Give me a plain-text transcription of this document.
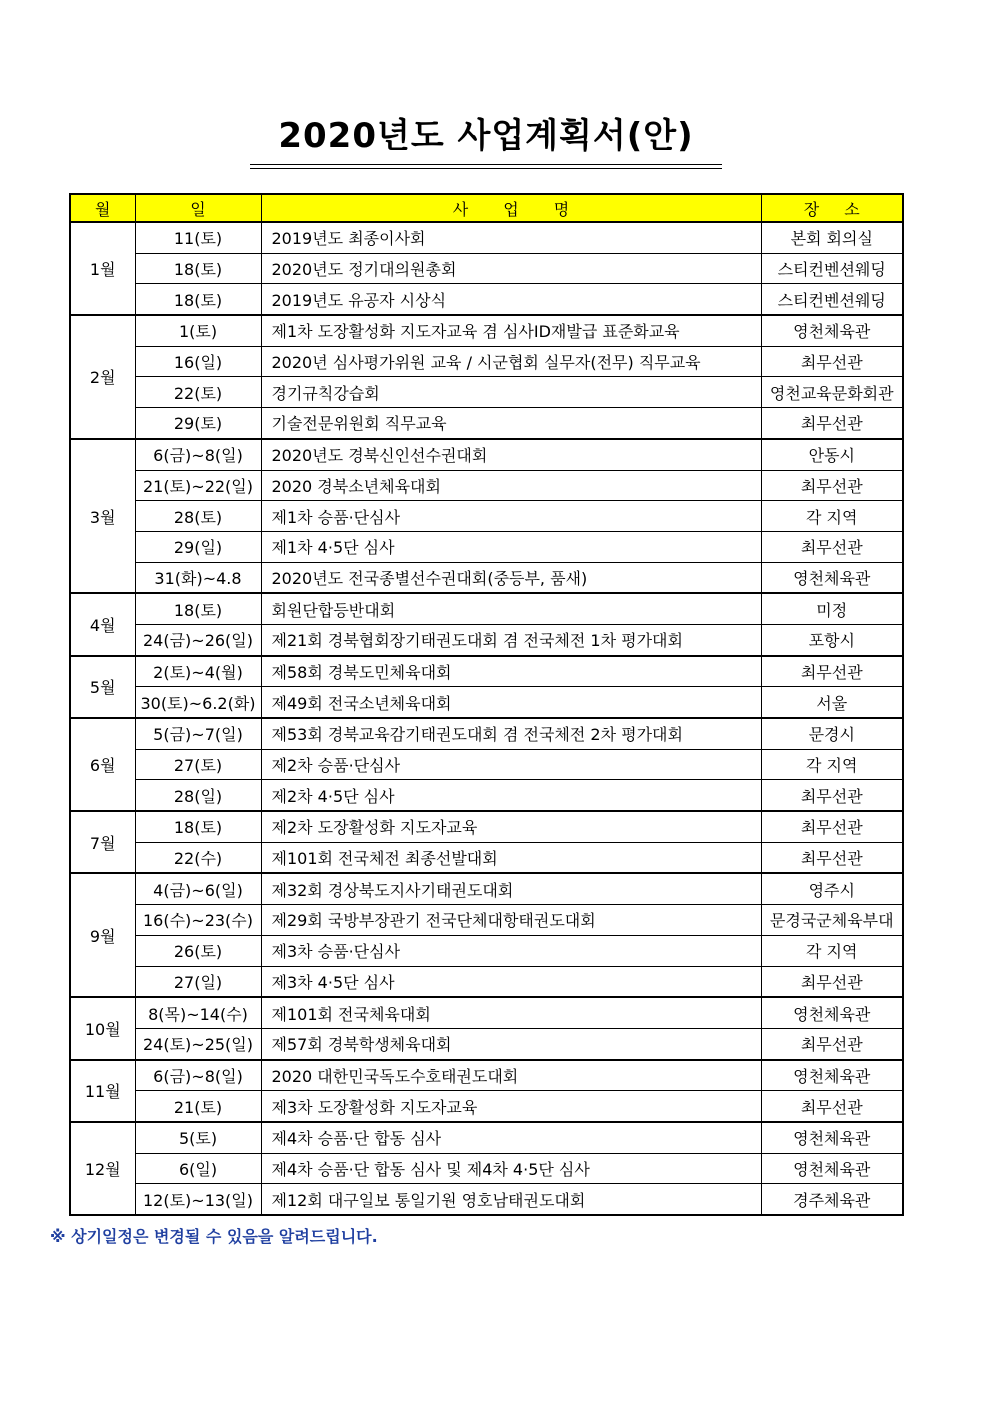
2020년도 사업계획서(안)
월	일	사 업 명	장 소
1월	11(토)	2019년도 최종이사회	본회 회의실
	18(토)	2020년도 정기대의원총회	스티컨벤션웨딩
	18(토)	2019년도 유공자 시상식	스티컨벤션웨딩
2월	1(토)	제1차 도장활성화 지도자교육 겸 심사ID재발급 표준화교육	영천체육관
	16(일)	2020년 심사평가위원 교육 / 시군협회 실무자(전무) 직무교육	최무선관
	22(토)	경기규칙강습회	영천교육문화회관
	29(토)	기술전문위원회 직무교육	최무선관
3월	6(금)~8(일)	2020년도 경북신인선수권대회	안동시
	21(토)~22(일)	2020 경북소년체육대회	최무선관
	28(토)	제1차 승품·단심사	각 지역
	29(일)	제1차 4·5단 심사	최무선관
	31(화)~4.8	2020년도 전국종별선수권대회(중등부, 품새)	영천체육관
4월	18(토)	회원단합등반대회	미정
	24(금)~26(일)	제21회 경북협회장기태권도대회 겸 전국체전 1차 평가대회	포항시
5월	2(토)~4(월)	제58회 경북도민체육대회	최무선관
	30(토)~6.2(화)	제49회 전국소년체육대회	서울
6월	5(금)~7(일)	제53회 경북교육감기태권도대회 겸 전국체전 2차 평가대회	문경시
	27(토)	제2차 승품·단심사	각 지역
	28(일)	제2차 4·5단 심사	최무선관
7월	18(토)	제2차 도장활성화 지도자교육	최무선관
	22(수)	제101회 전국체전 최종선발대회	최무선관
9월	4(금)~6(일)	제32회 경상북도지사기태권도대회	영주시
	16(수)~23(수)	제29회 국방부장관기 전국단체대항태권도대회	문경국군체육부대
	26(토)	제3차 승품·단심사	각 지역
	27(일)	제3차 4·5단 심사	최무선관
10월	8(목)~14(수)	제101회 전국체육대회	영천체육관
	24(토)~25(일)	제57회 경북학생체육대회	최무선관
11월	6(금)~8(일)	2020 대한민국독도수호태권도대회	영천체육관
	21(토)	제3차 도장활성화 지도자교육	최무선관
12월	5(토)	제4차 승품·단 합동 심사	영천체육관
	6(일)	제4차 승품·단 합동 심사 및 제4차 4·5단 심사	영천체육관
	12(토)~13(일)	제12회 대구일보 통일기원 영호남태권도대회	경주체육관
※ 상기일정은 변경될 수 있음을 알려드립니다.
